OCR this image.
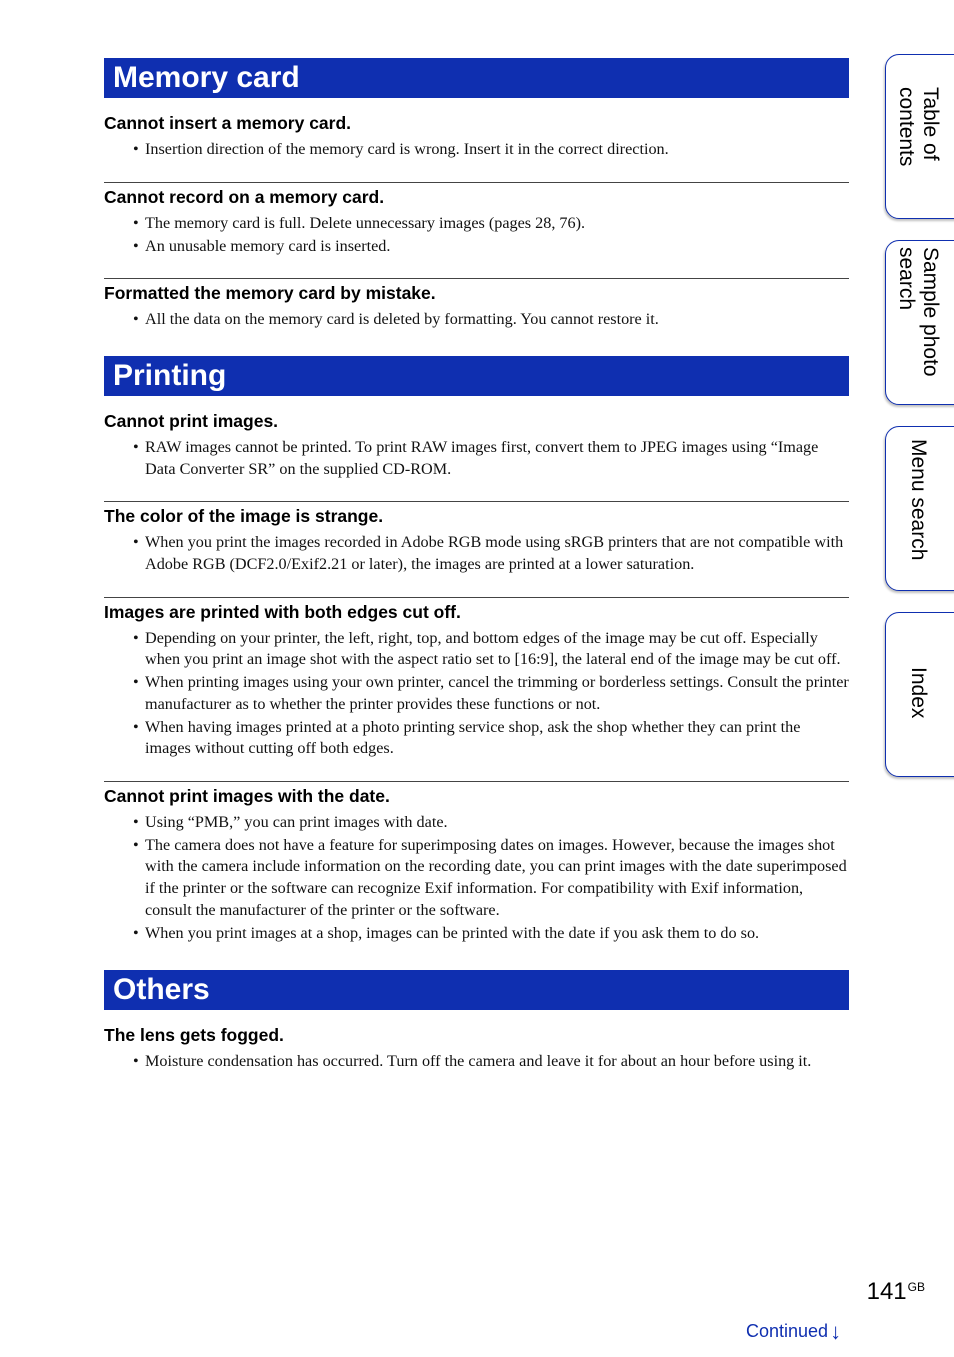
Memory card
Cannot insert a memory card.
• Insertion direction of the memory card is wrong. Insert it in the correct direction.
Cannot record on a memory card.
• The memory card is full. Delete unnecessary images (pages 28, 76).
• An unusable memory card is inserted.
Formatted the memory card by mistake.
• All the data on the memory card is deleted by formatting. You cannot restore it.
Printing
Cannot print images.
• RAW images cannot be printed. To print RAW images first, convert them to JPEG images using “Image Data Converter SR” on the supplied CD-ROM.
The color of the image is strange.
• When you print the images recorded in Adobe RGB mode using sRGB printers that are not compatible with Adobe RGB (DCF2.0/Exif2.21 or later), the images are printed at a lower saturation.
Images are printed with both edges cut off.
• Depending on your printer, the left, right, top, and bottom edges of the image may be cut off. Especially when you print an image shot with the aspect ratio set to [16:9], the lateral end of the image may be cut off.
• When printing images using your own printer, cancel the trimming or borderless settings. Consult the printer manufacturer as to whether the printer provides these functions or not.
• When having images printed at a photo printing service shop, ask the shop whether they can print the images without cutting off both edges.
Cannot print images with the date.
• Using “PMB,” you can print images with date.
• The camera does not have a feature for superimposing dates on images. However, because the images shot with the camera include information on the recording date, you can print images with the date superimposed if the printer or the software can recognize Exif information. For compatibility with Exif information, consult the manufacturer of the printer or the software.
• When you print images at a shop, images can be printed with the date if you ask them to do so.
Others
The lens gets fogged.
• Moisture condensation has occurred. Turn off the camera and leave it for about an hour before using it.
Table of
contents
Sample photo
search
Menu search
Index
$141^{GB}$
Continued↓
